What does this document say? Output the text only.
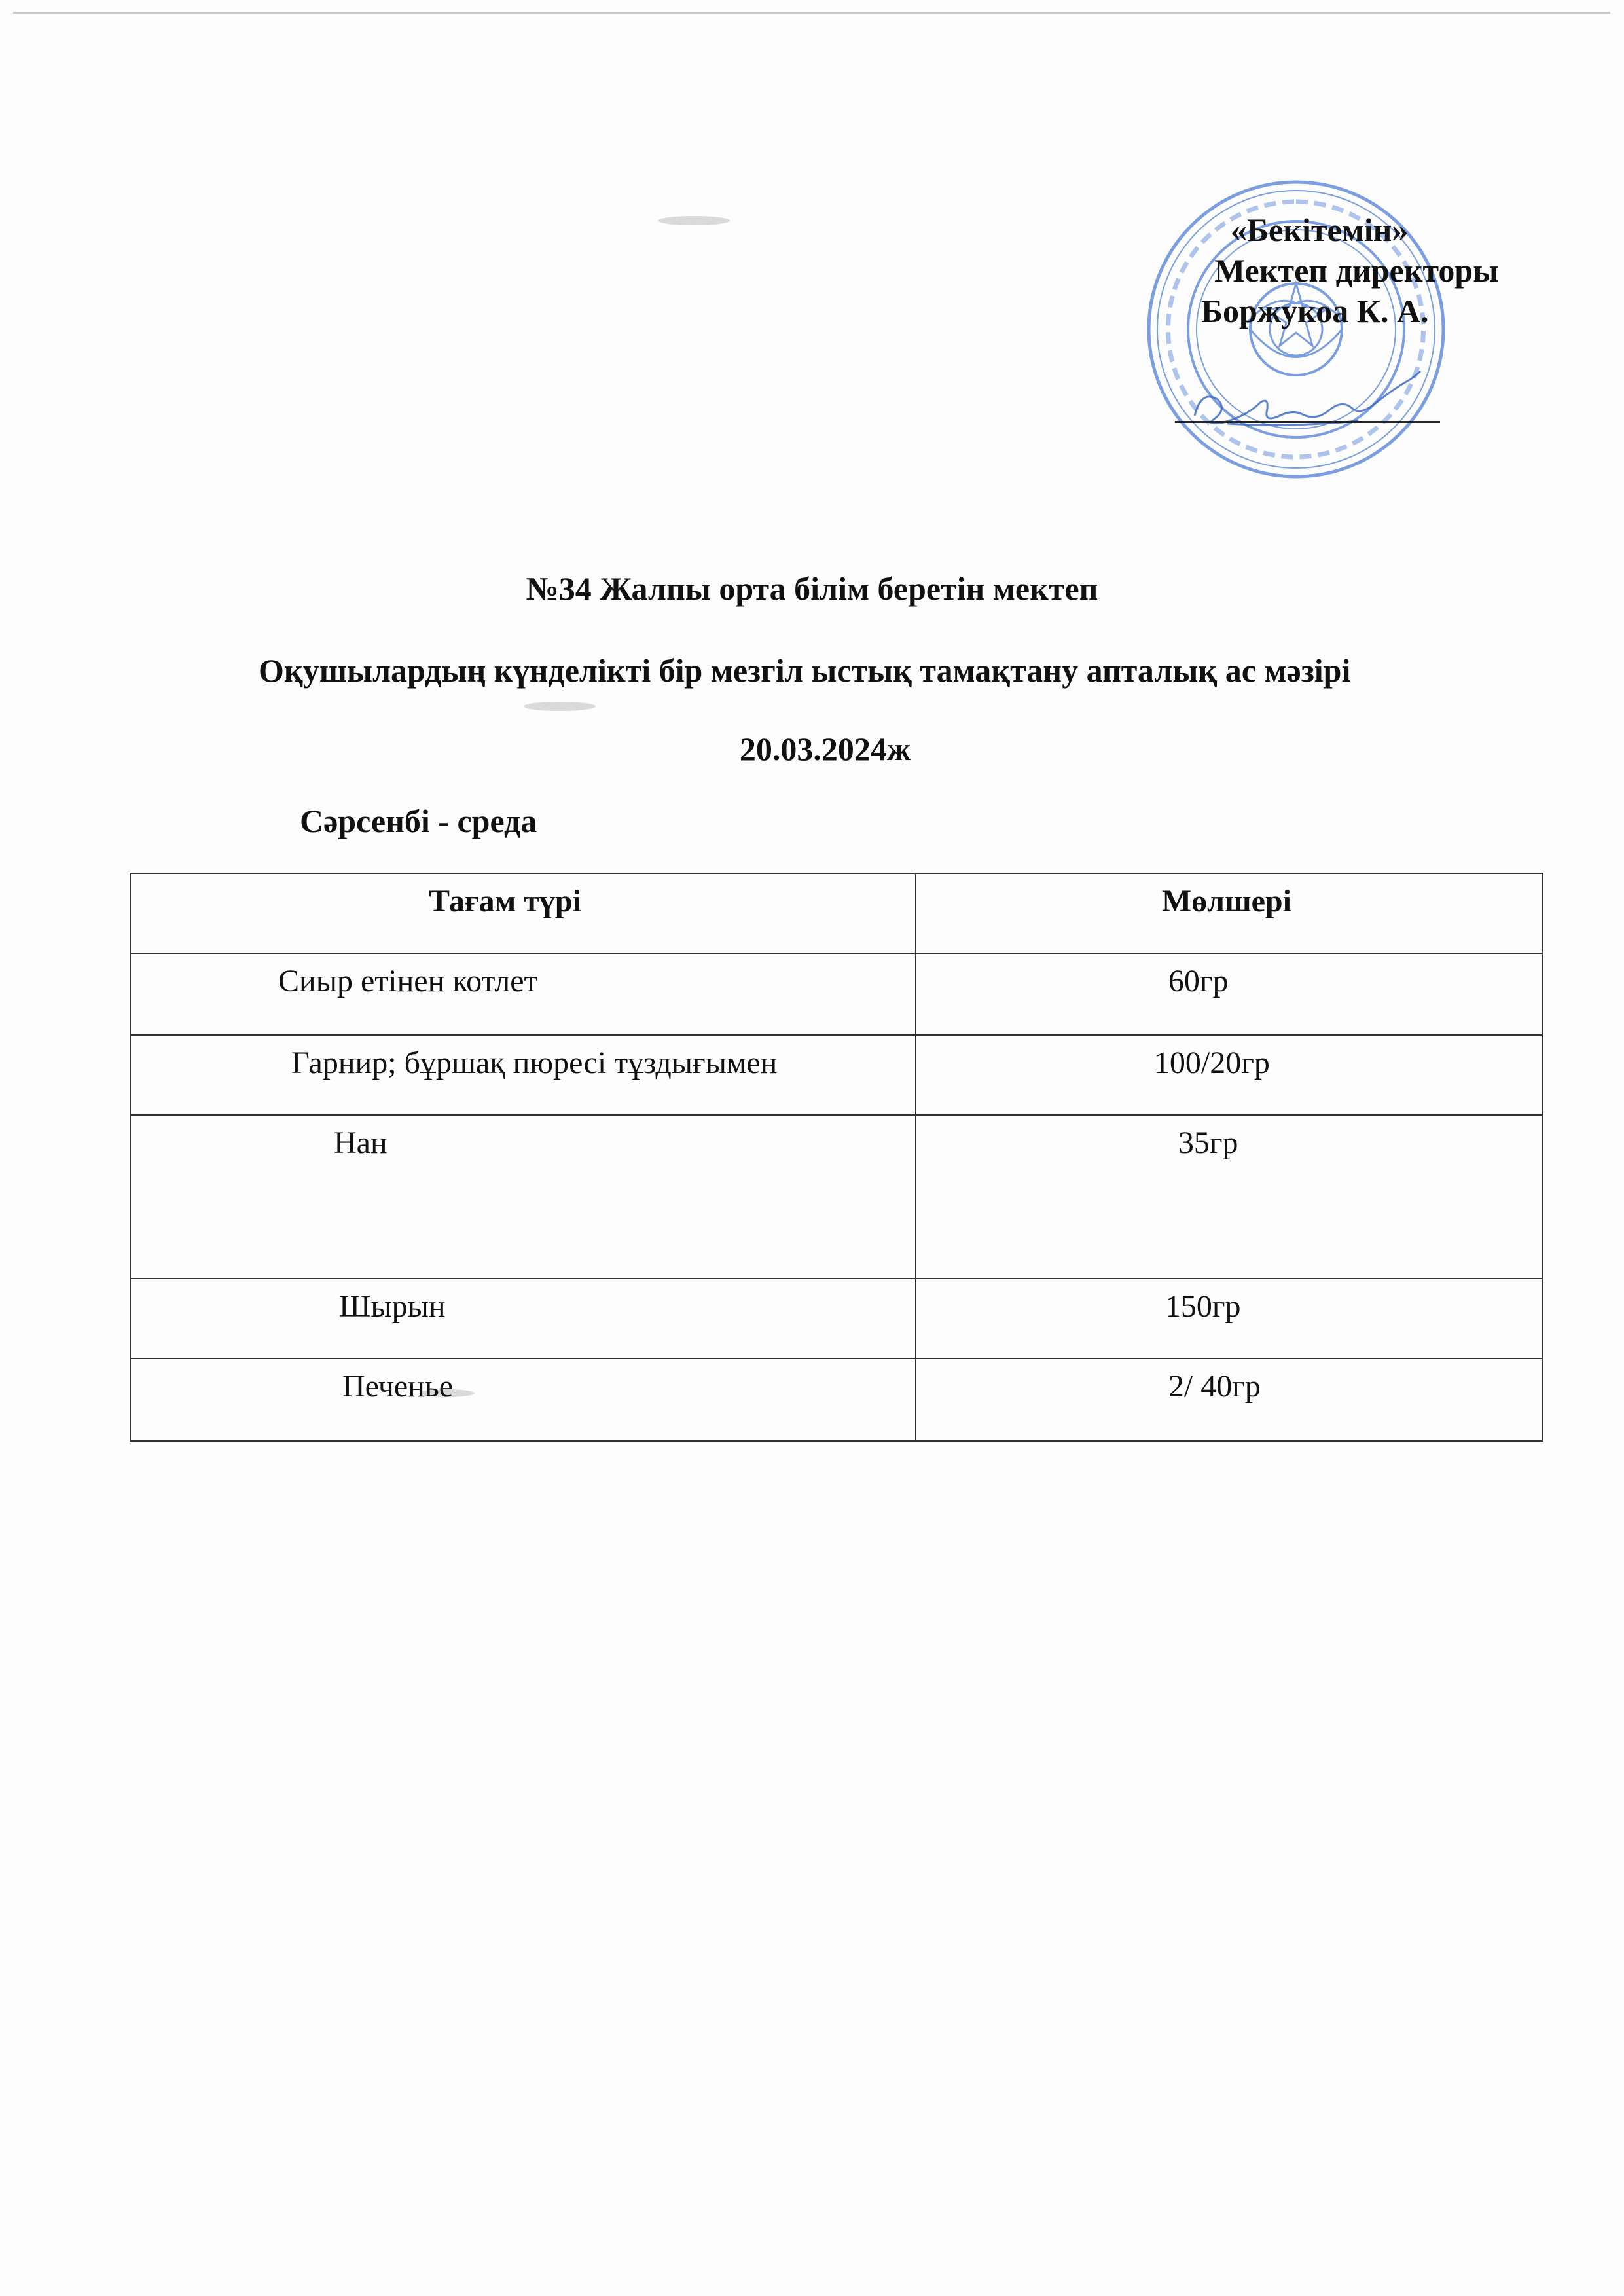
«Бекітемін»
Мектеп директоры
Боржукоа К. А.
№34 Жалпы орта білім беретін мектеп
Оқушылардың күнделікті бір мезгіл ыстық тамақтану апталық ас мәзірі
20.03.2024ж
Сәрсенбі - среда
Тағам түрі	Мөлшері

Сиыр етінен котлет	60гр

Гарнир; бұршақ пюресі тұздығымен	100/20гр

Нан	35гр

Шырын	150гр

Печенье	2/ 40гр
